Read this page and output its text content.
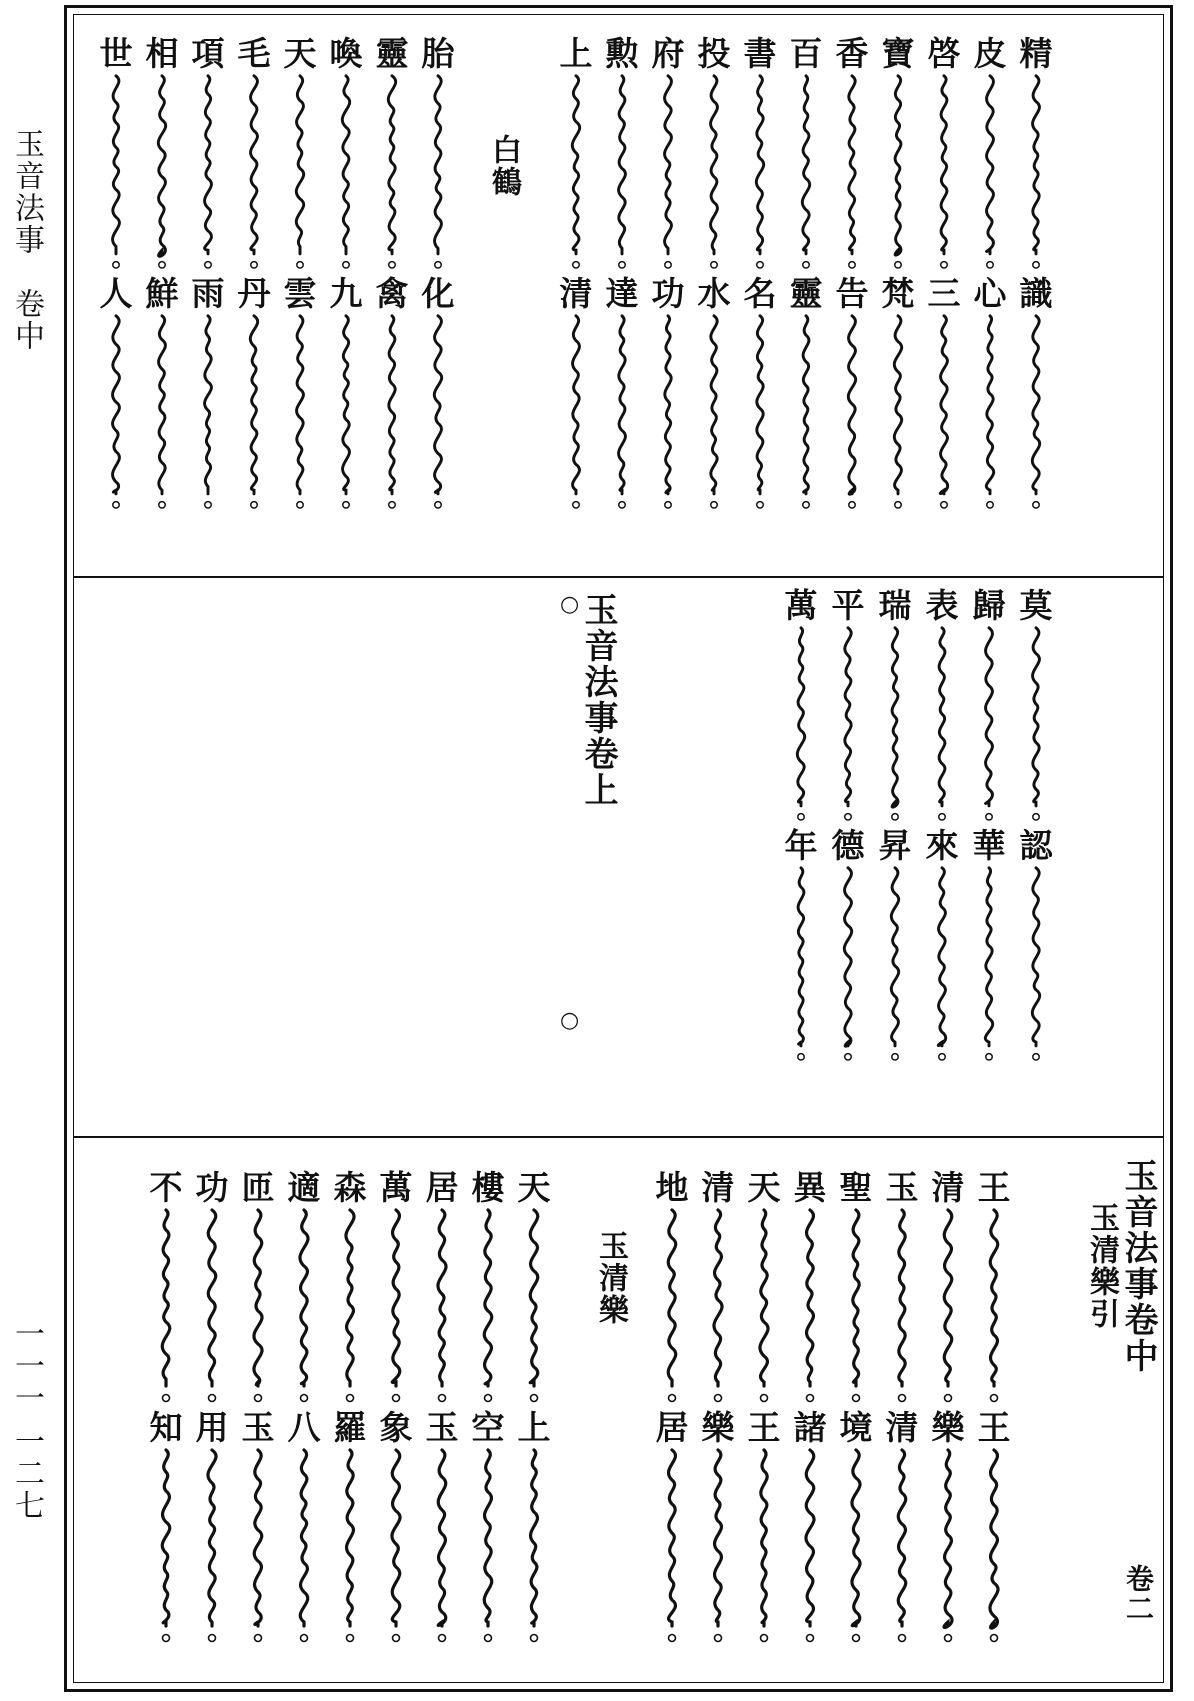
玉音法事　卷中
一一一 一二七
白鶴
精
識
皮
心
啓
三
寶
梵
香
告
百
靈
書
名
投
水
府
功
勲
達
上
清
胎
化
靈
禽
喚
九
天
雲
毛
丹
項
雨
相
鮮
世
人
玉音法事卷上
○
○
莫
認
歸
華
表
來
瑞
昇
平
德
萬
年
玉音法事卷中
玉清樂引
玉清樂
卷二
王
王
清
樂
玉
清
聖
境
異
諸
天
王
清
樂
地
居
天
上
樓
空
居
玉
萬
象
森
羅
適
八
匝
玉
功
用
不
知
